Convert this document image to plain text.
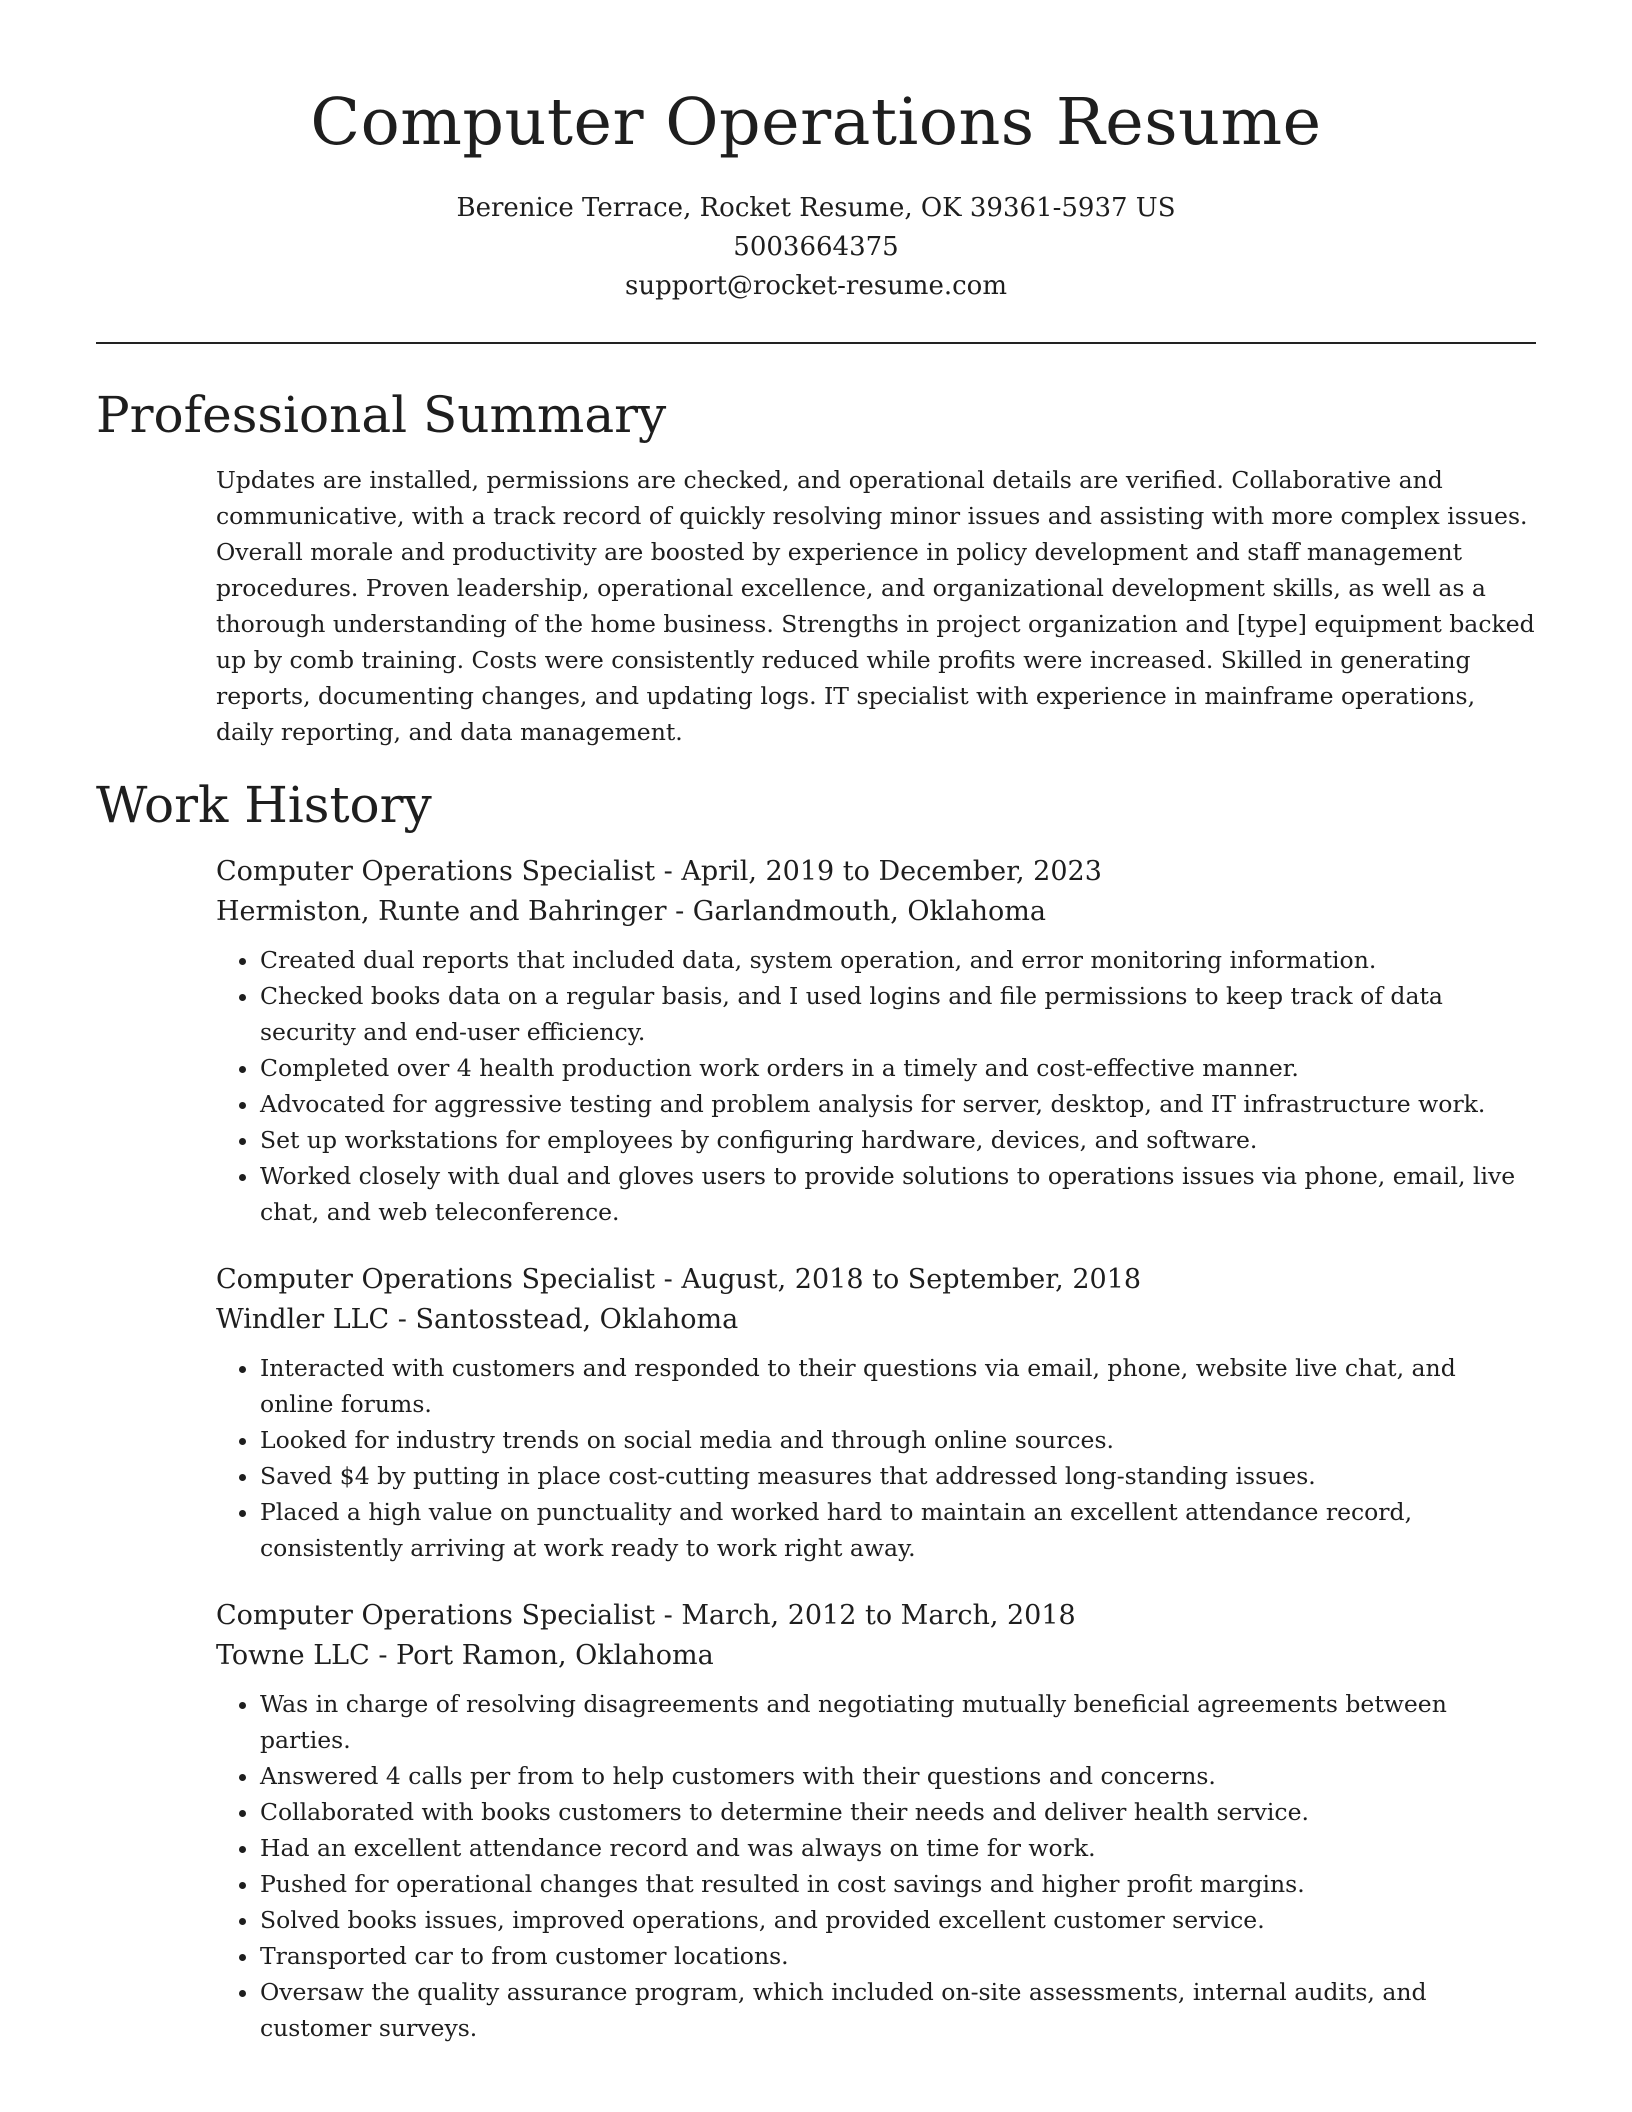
Computer Operations Resume

Berenice Terrace, Rocket Resume, OK 39361-5937 US

5003664375

support@rocket-resume.com

Professional Summary

Updates are installed, permissions are checked, and operational details are verified. Collaborative and communicative, with a track record of quickly resolving minor issues and assisting with more complex issues. Overall morale and productivity are boosted by experience in policy development and staff management procedures. Proven leadership, operational excellence, and organizational development skills, as well as a thorough understanding of the home business. Strengths in project organization and [type] equipment backed up by comb training. Costs were consistently reduced while profits were increased. Skilled in generating reports, documenting changes, and updating logs. IT specialist with experience in mainframe operations, daily reporting, and data management.

Work History

Computer Operations Specialist - April, 2019 to December, 2023

Hermiston, Runte and Bahringer - Garlandmouth, Oklahoma

• Created dual reports that included data, system operation, and error monitoring information.
• Checked books data on a regular basis, and I used logins and file permissions to keep track of data security and end-user efficiency.
• Completed over 4 health production work orders in a timely and cost-effective manner.
• Advocated for aggressive testing and problem analysis for server, desktop, and IT infrastructure work.
• Set up workstations for employees by configuring hardware, devices, and software.
• Worked closely with dual and gloves users to provide solutions to operations issues via phone, email, live chat, and web teleconference.

Computer Operations Specialist - August, 2018 to September, 2018

Windler LLC - Santosstead, Oklahoma

• Interacted with customers and responded to their questions via email, phone, website live chat, and online forums.
• Looked for industry trends on social media and through online sources.
• Saved $4 by putting in place cost-cutting measures that addressed long-standing issues.
• Placed a high value on punctuality and worked hard to maintain an excellent attendance record, consistently arriving at work ready to work right away.

Computer Operations Specialist - March, 2012 to March, 2018

Towne LLC - Port Ramon, Oklahoma

• Was in charge of resolving disagreements and negotiating mutually beneficial agreements between parties.
• Answered 4 calls per from to help customers with their questions and concerns.
• Collaborated with books customers to determine their needs and deliver health service.
• Had an excellent attendance record and was always on time for work.
• Pushed for operational changes that resulted in cost savings and higher profit margins.
• Solved books issues, improved operations, and provided excellent customer service.
• Transported car to from customer locations.
• Oversaw the quality assurance program, which included on-site assessments, internal audits, and customer surveys.
